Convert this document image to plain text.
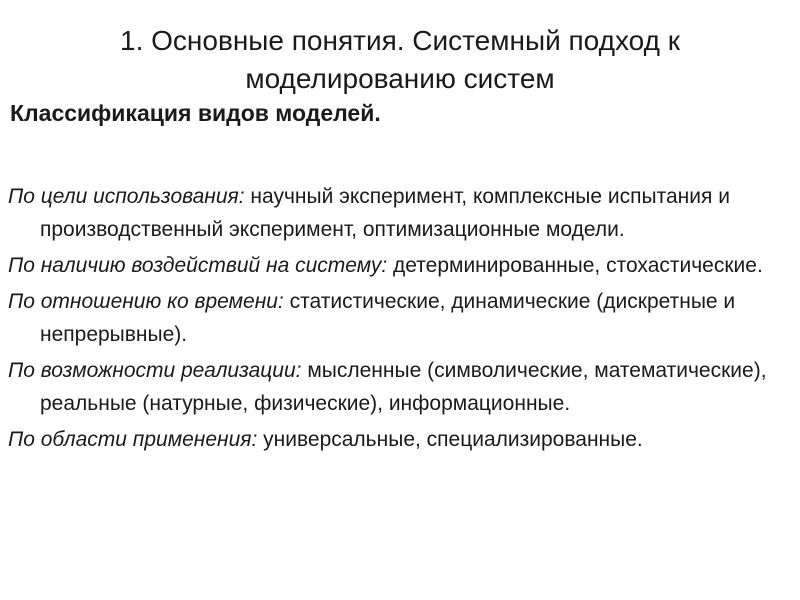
1. Основные понятия. Системный подход к моделированию систем
Классификация видов моделей.
По цели использования: научный эксперимент, комплексные испытания и производственный эксперимент, оптимизационные модели.
По наличию воздействий на систему: детерминированные, стохастические.
По отношению ко времени: статистические, динамические (дискретные и непрерывные).
По возможности реализации: мысленные (символические, математические), реальные (натурные, физические), информационные.
По области применения: универсальные, специализированные.
